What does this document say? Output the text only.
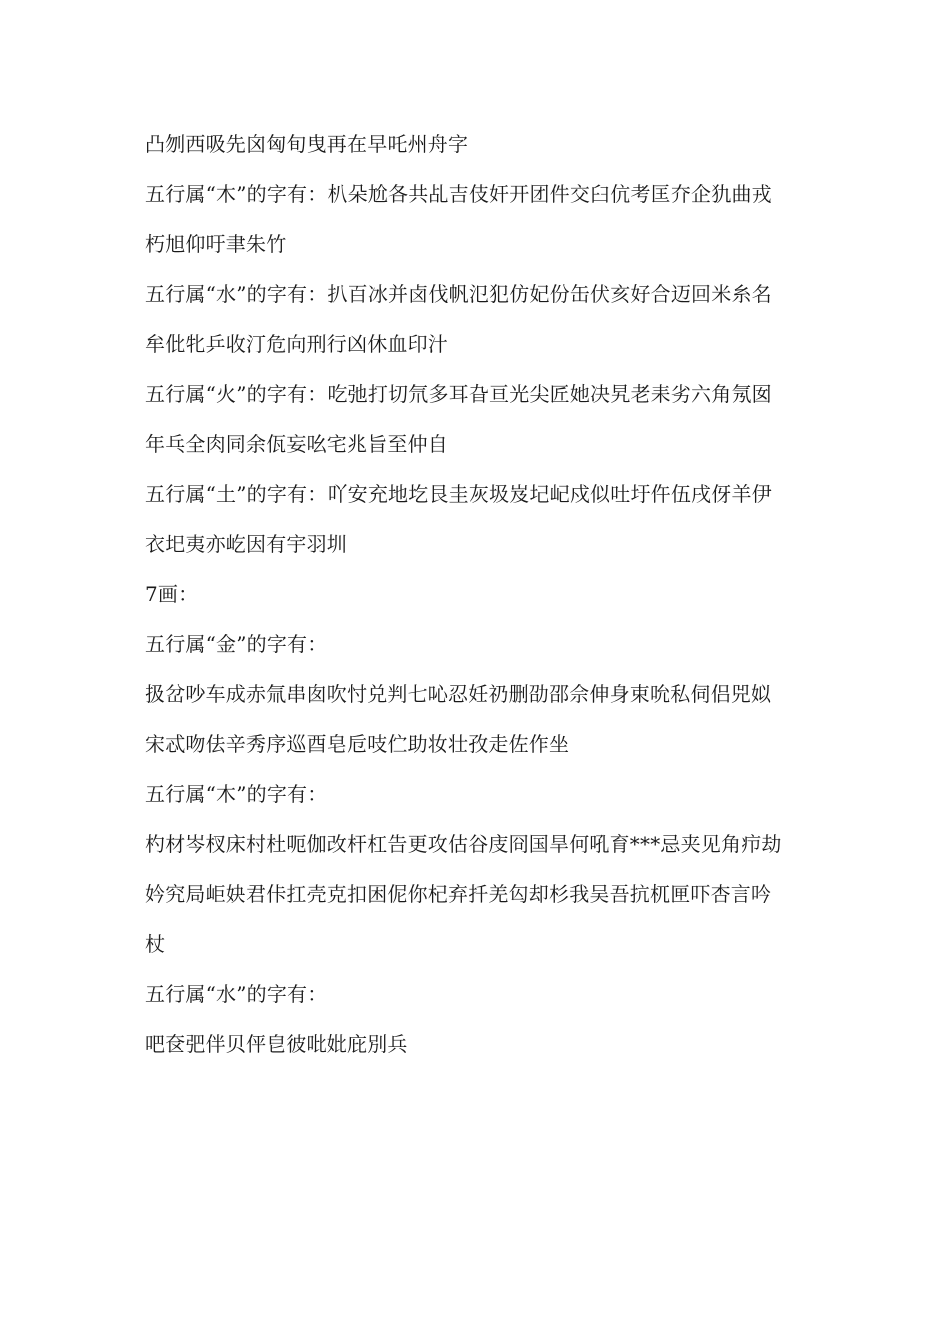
凸刎西吸先囟匈旬曳再在早吒州舟字
五行属“木”的字有：朳朵尬各共乩吉伎奸开团件交臼伉考匡夰企犰曲戎
朽旭仰吁聿朱竹
五行属“水”的字有：扒百冰并卤伐帆氾犯仿妃份缶伏亥好合迈回米糸名
牟仳牝乒收汀危向刑行凶休血印汁
五行属“火”的字有：吃弛打切氘多耳旮亘光尖匠她决旯老耒劣六角氖囡
年乓全肉同余佤妄吆宅兆旨至仲自
五行属“土”的字有：吖安充地圪艮圭灰圾岌圮屺戍似吐圩仵伍戌伢羊伊
衣圯夷亦屹因有宇羽圳
7画：
五行属“金”的字有：
扱岔吵车成赤氚串囱吹忖兑判七吣忍妊礽删劭邵佘伸身束吮私伺侣兕姒
宋忒吻佉辛秀序巡酉皂卮吱伫助妆壮孜走佐作坐
五行属“木”的字有：
杓材岑杈床村杜呃伽改杆杠告更攻估谷庋冏国旱何吼育***忌夹见角疖劫
妗究局岠妜君佧扛壳克扣困伲你杞弃扦羌匃却杉我吴吾抗杌匣吓杏言吟
杖
五行属“水”的字有：
吧奁弝伴贝伻皀彼吡妣庇別兵
